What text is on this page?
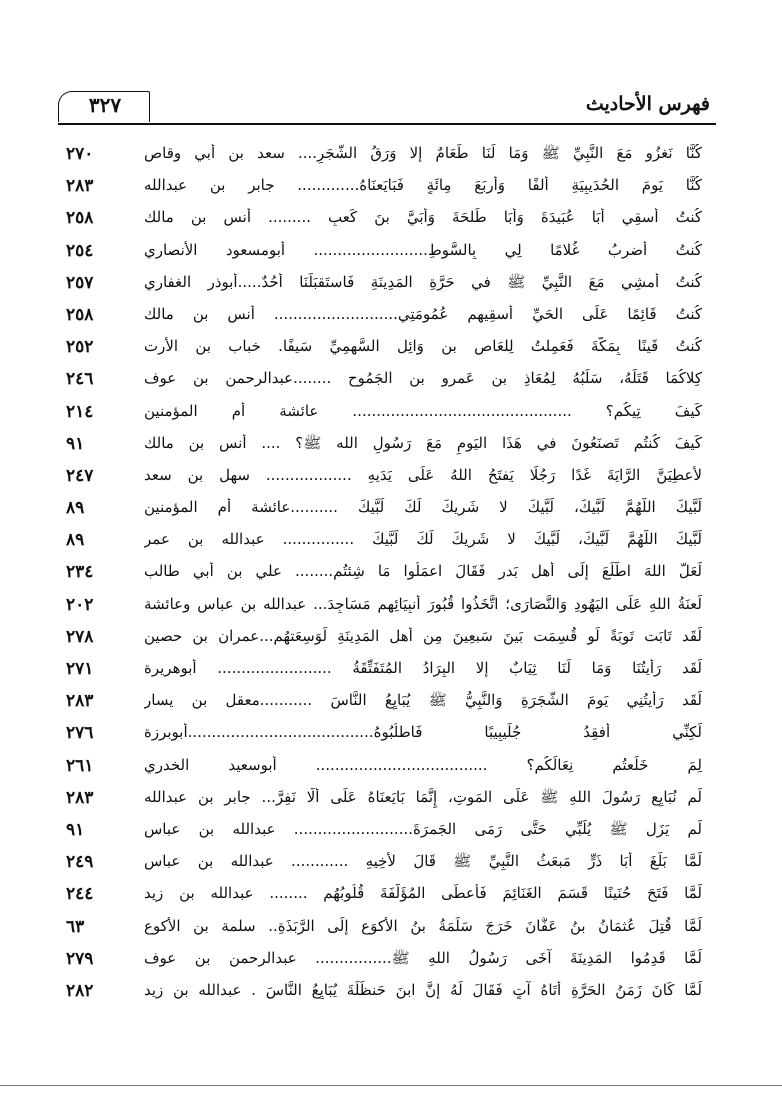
٣٢٧	فهرس الأحاديث
كُنَّا نَغزُو مَعَ النَّبِيِّ ﷺ وَمَا لَنَا طَعَامٌ إلا وَرَقُ الشَّجَرِ.... سعد بن أبي وقاص
٢٧٠
كُنَّا يَومَ الحُدَيبِيَةِ أَلفًا وَأَربَعَ مِائَةٍ فَبَايَعنَاهُ............. جابر بن عبدالله
٢٨٣
كُنتُ أَسقِي أَبَا عُبَيدَةَ وَأَبَا طَلحَةَ وَأُبَيَّ بنَ كَعبٍ ......... أنس بن مالك
٢٥٨
كُنتُ أَضرِبُ غُلامًا لِي بِالسَّوطِ........................ أبومسعود الأنصاري
٢٥٤
كُنتُ أَمشِي مَعَ النَّبِيِّ ﷺ في حَرَّةِ المَدِينَةِ فَاستَقبَلَنَا أُحُدٌ.....أبوذر الغفاري
٢٥٧
كُنتُ قَائِمًا عَلَى الحَيِّ أَسقِيهِم عُمُومَتِي.......................... أنس بن مالك
٢٥٨
كُنتُ قَينًا بِمَكَّةَ فَعَمِلتُ لِلعَاصِ بنِ وَائِلِ السَّهمِيِّ سَيفًا. خباب بن الأرت
٢٥٢
كِلاكُمَا قَتَلَهُ، سَلَبُهُ لِمُعَاذِ بنِ عَمرِو بنِ الجَمُوحِ ........عبدالرحمن بن عوف
٢٤٦
كَيفَ تِيكُم؟ .............................................. عائشة أم المؤمنين
٢١٤
كَيفَ كُنتُم تَصنَعُونَ في هَذَا اليَومِ مَعَ رَسُولِ الله ﷺ؟ .... أنس بن مالك
٩١
لأُعطِيَنَّ الرَّايَةَ غَدًا رَجُلًا يَفتَحُ اللهُ عَلَى يَدَيهِ .................. سهل بن سعد
٢٤٧
لَبَّيكَ اللَّهُمَّ لَبَّيكَ، لَبَّيكَ لا شَرِيكَ لَكَ لَبَّيكَ ..........عائشة أم المؤمنين
٨٩
لَبَّيكَ اللَّهُمَّ لَبَّيكَ، لَبَّيكَ لا شَرِيكَ لَكَ لَبَّيكَ ............... عبدالله بن عمر
٨٩
لَعَلَّ اللهَ اطَّلَعَ إِلَى أَهلِ بَدرٍ فَقَالَ اعمَلُوا مَا شِئتُم........ علي بن أبي طالب
٢٣٤
لَعنَةُ اللهِ عَلَى اليَهُودِ وَالنَّصَارَى؛ اتَّخَذُوا قُبُورَ أَنبِيَائِهِم مَسَاجِدَ... عبدالله بن عباس وعائشة
٢٠٢
لَقَد تَابَت تَوبَةً لَو قُسِمَت بَينَ سَبعِينَ مِن أَهلِ المَدِينَةِ لَوَسِعَتهُم...عمران بن حصين
٢٧٨
لَقَد رَأَيتُنَا وَمَا لَنَا ثِيَابٌ إلا البِرَادُ المُتَفَتِّقَةُ ........................ أبوهريرة
٢٧١
لَقَد رَأَيتُنِي يَومَ الشَّجَرَةِ وَالنَّبِيُّ ﷺ يُبَايِعُ النَّاسَ ...........معقل بن يسار
٢٨٣
لَكِنِّي أَفقِدُ جُلَيبِيبًا فَاطلُبُوهُ.......................................أبوبرزة
٢٧٦
لِمَ خَلَعتُم نِعَالَكُم؟ .................................... أبوسعيد الخدري
٢٦١
لَم نُبَايِع رَسُولَ اللهِ ﷺ عَلَى المَوتِ، إِنَّمَا بَايَعنَاهُ عَلَى أَلَّا نَفِرَّ... جابر بن عبدالله
٢٨٣
لَم يَزَل ﷺ يُلَبِّي حَتَّى رَمَى الجَمرَةَ......................... عبدالله بن عباس
٩١
لَمَّا بَلَغَ أَبَا ذَرٍّ مَبعَثُ النَّبِيِّ ﷺ قَالَ لأَخِيهِ ............ عبدالله بن عباس
٢٤٩
لَمَّا فَتَحَ حُنَينًا قَسَمَ الغَنَائِمَ فَأَعطَى المُؤَلَّفَةَ قُلُوبُهُم ........ عبدالله بن زيد
٢٤٤
لَمَّا قُتِلَ عُثمَانُ بنُ عَفَّانَ خَرَجَ سَلَمَةُ بنُ الأَكوَعِ إِلَى الرَّبَذَةِ.. سلمة بن الأكوع
٦٣
لَمَّا قَدِمُوا المَدِينَةَ آخَى رَسُولُ اللهِ ﷺ................ عبدالرحمن بن عوف
٢٧٩
لَمَّا كَانَ زَمَنُ الحَرَّةِ أَتَاهُ آتٍ فَقَالَ لَهُ إِنَّ ابنَ حَنظَلَةَ يُبَايِعُ النَّاسَ . عبدالله بن زيد
٢٨٢
